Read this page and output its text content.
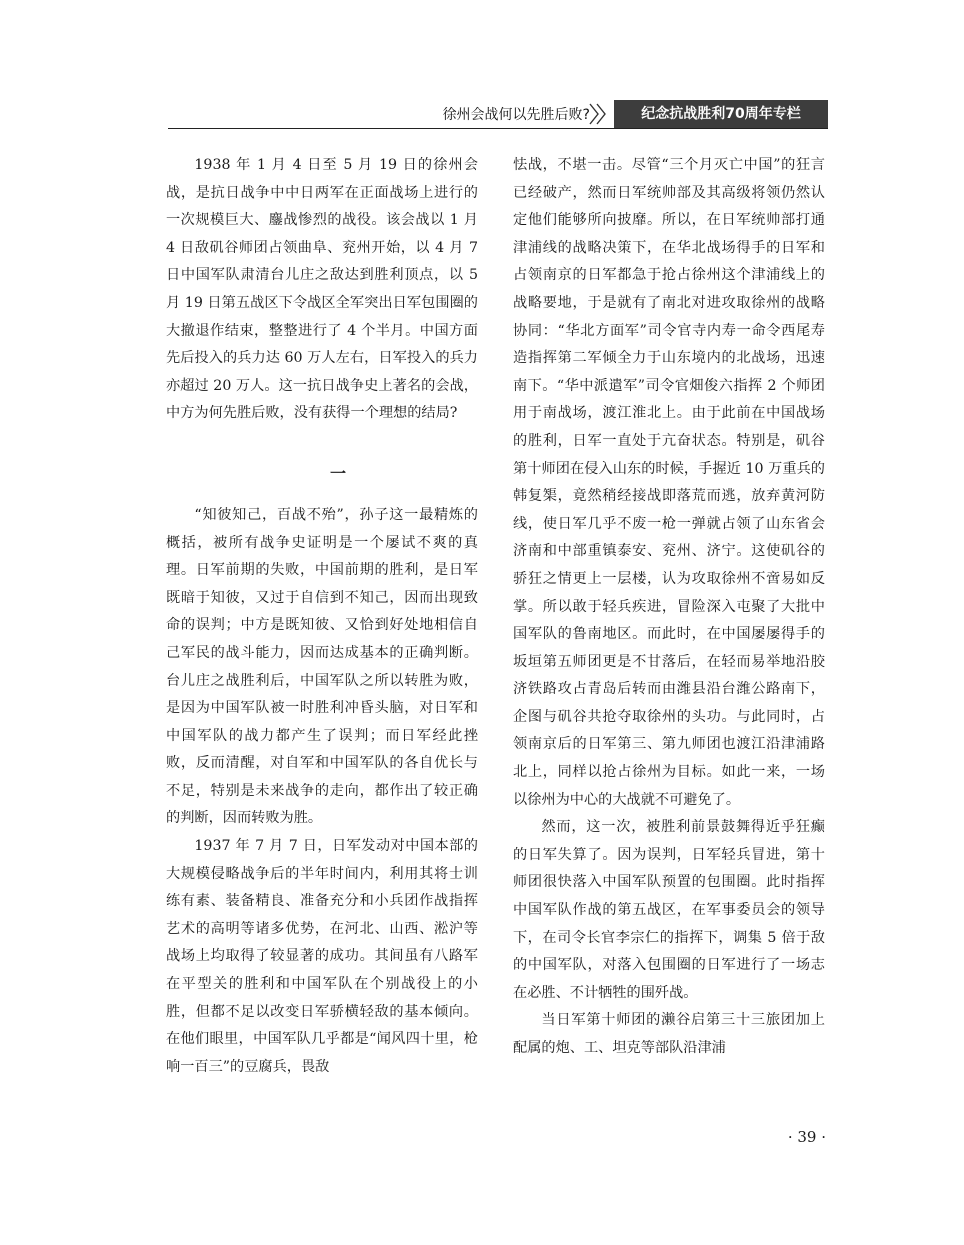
徐州会战何以先胜后败?	纪念抗战胜利70周年专栏

1938 年 1 月 4 日至 5 月 19 日的徐州会战，是抗日战争中中日两军在正面战场上进行的一次规模巨大、鏖战惨烈的战役。该会战以 1 月 4 日敌矶谷师团占领曲阜、兖州开始，以 4 月 7 日中国军队肃清台儿庄之敌达到胜利顶点，以 5 月 19 日第五战区下令战区全军突出日军包围圈的大撤退作结束，整整进行了 4 个半月。中国方面先后投入的兵力达 60 万人左右，日军投入的兵力亦超过 20 万人。这一抗日战争史上著名的会战，中方为何先胜后败，没有获得一个理想的结局?

一

“知彼知己，百战不殆”，孙子这一最精炼的概括，被所有战争史证明是一个屡试不爽的真理。日军前期的失败，中国前期的胜利，是日军既暗于知彼，又过于自信到不知己，因而出现致命的误判；中方是既知彼、又恰到好处地相信自己军民的战斗能力，因而达成基本的正确判断。台儿庄之战胜利后，中国军队之所以转胜为败，是因为中国军队被一时胜利冲昏头脑，对日军和中国军队的战力都产生了误判；而日军经此挫败，反而清醒，对自军和中国军队的各自优长与不足，特别是未来战争的走向，都作出了较正确的判断，因而转败为胜。

1937 年 7 月 7 日，日军发动对中国本部的大规模侵略战争后的半年时间内，利用其将士训练有素、装备精良、准备充分和小兵团作战指挥艺术的高明等诸多优势，在河北、山西、淞沪等战场上均取得了较显著的成功。其间虽有八路军在平型关的胜利和中国军队在个别战役上的小胜，但都不足以改变日军骄横轻敌的基本倾向。在他们眼里，中国军队几乎都是“闻风四十里，枪响一百三”的豆腐兵，畏敌

怯战，不堪一击。尽管“三个月灭亡中国”的狂言已经破产，然而日军统帅部及其高级将领仍然认定他们能够所向披靡。所以，在日军统帅部打通津浦线的战略决策下，在华北战场得手的日军和占领南京的日军都急于抢占徐州这个津浦线上的战略要地，于是就有了南北对进攻取徐州的战略协同：“华北方面军”司令官寺内寿一命令西尾寿造指挥第二军倾全力于山东境内的北战场，迅速南下。“华中派遣军”司令官畑俊六指挥 2 个师团用于南战场，渡江淮北上。由于此前在中国战场的胜利，日军一直处于亢奋状态。特别是，矶谷第十师团在侵入山东的时候，手握近 10 万重兵的韩复榘，竟然稍经接战即落荒而逃，放弃黄河防线，使日军几乎不废一枪一弹就占领了山东省会济南和中部重镇泰安、兖州、济宁。这使矶谷的骄狂之情更上一层楼，认为攻取徐州不啻易如反掌。所以敢于轻兵疾进，冒险深入屯聚了大批中国军队的鲁南地区。而此时，在中国屡屡得手的坂垣第五师团更是不甘落后，在轻而易举地沿胶济铁路攻占青岛后转而由潍县沿台潍公路南下，企图与矶谷共抢夺取徐州的头功。与此同时，占领南京后的日军第三、第九师团也渡江沿津浦路北上，同样以抢占徐州为目标。如此一来，一场以徐州为中心的大战就不可避免了。

然而，这一次，被胜利前景鼓舞得近乎狂癫的日军失算了。因为误判，日军轻兵冒进，第十师团很快落入中国军队预置的包围圈。此时指挥中国军队作战的第五战区，在军事委员会的领导下，在司令长官李宗仁的指挥下，调集 5 倍于敌的中国军队，对落入包围圈的日军进行了一场志在必胜、不计牺牲的围歼战。

当日军第十师团的濑谷启第三十三旅团加上配属的炮、工、坦克等部队沿津浦

· 39 ·
